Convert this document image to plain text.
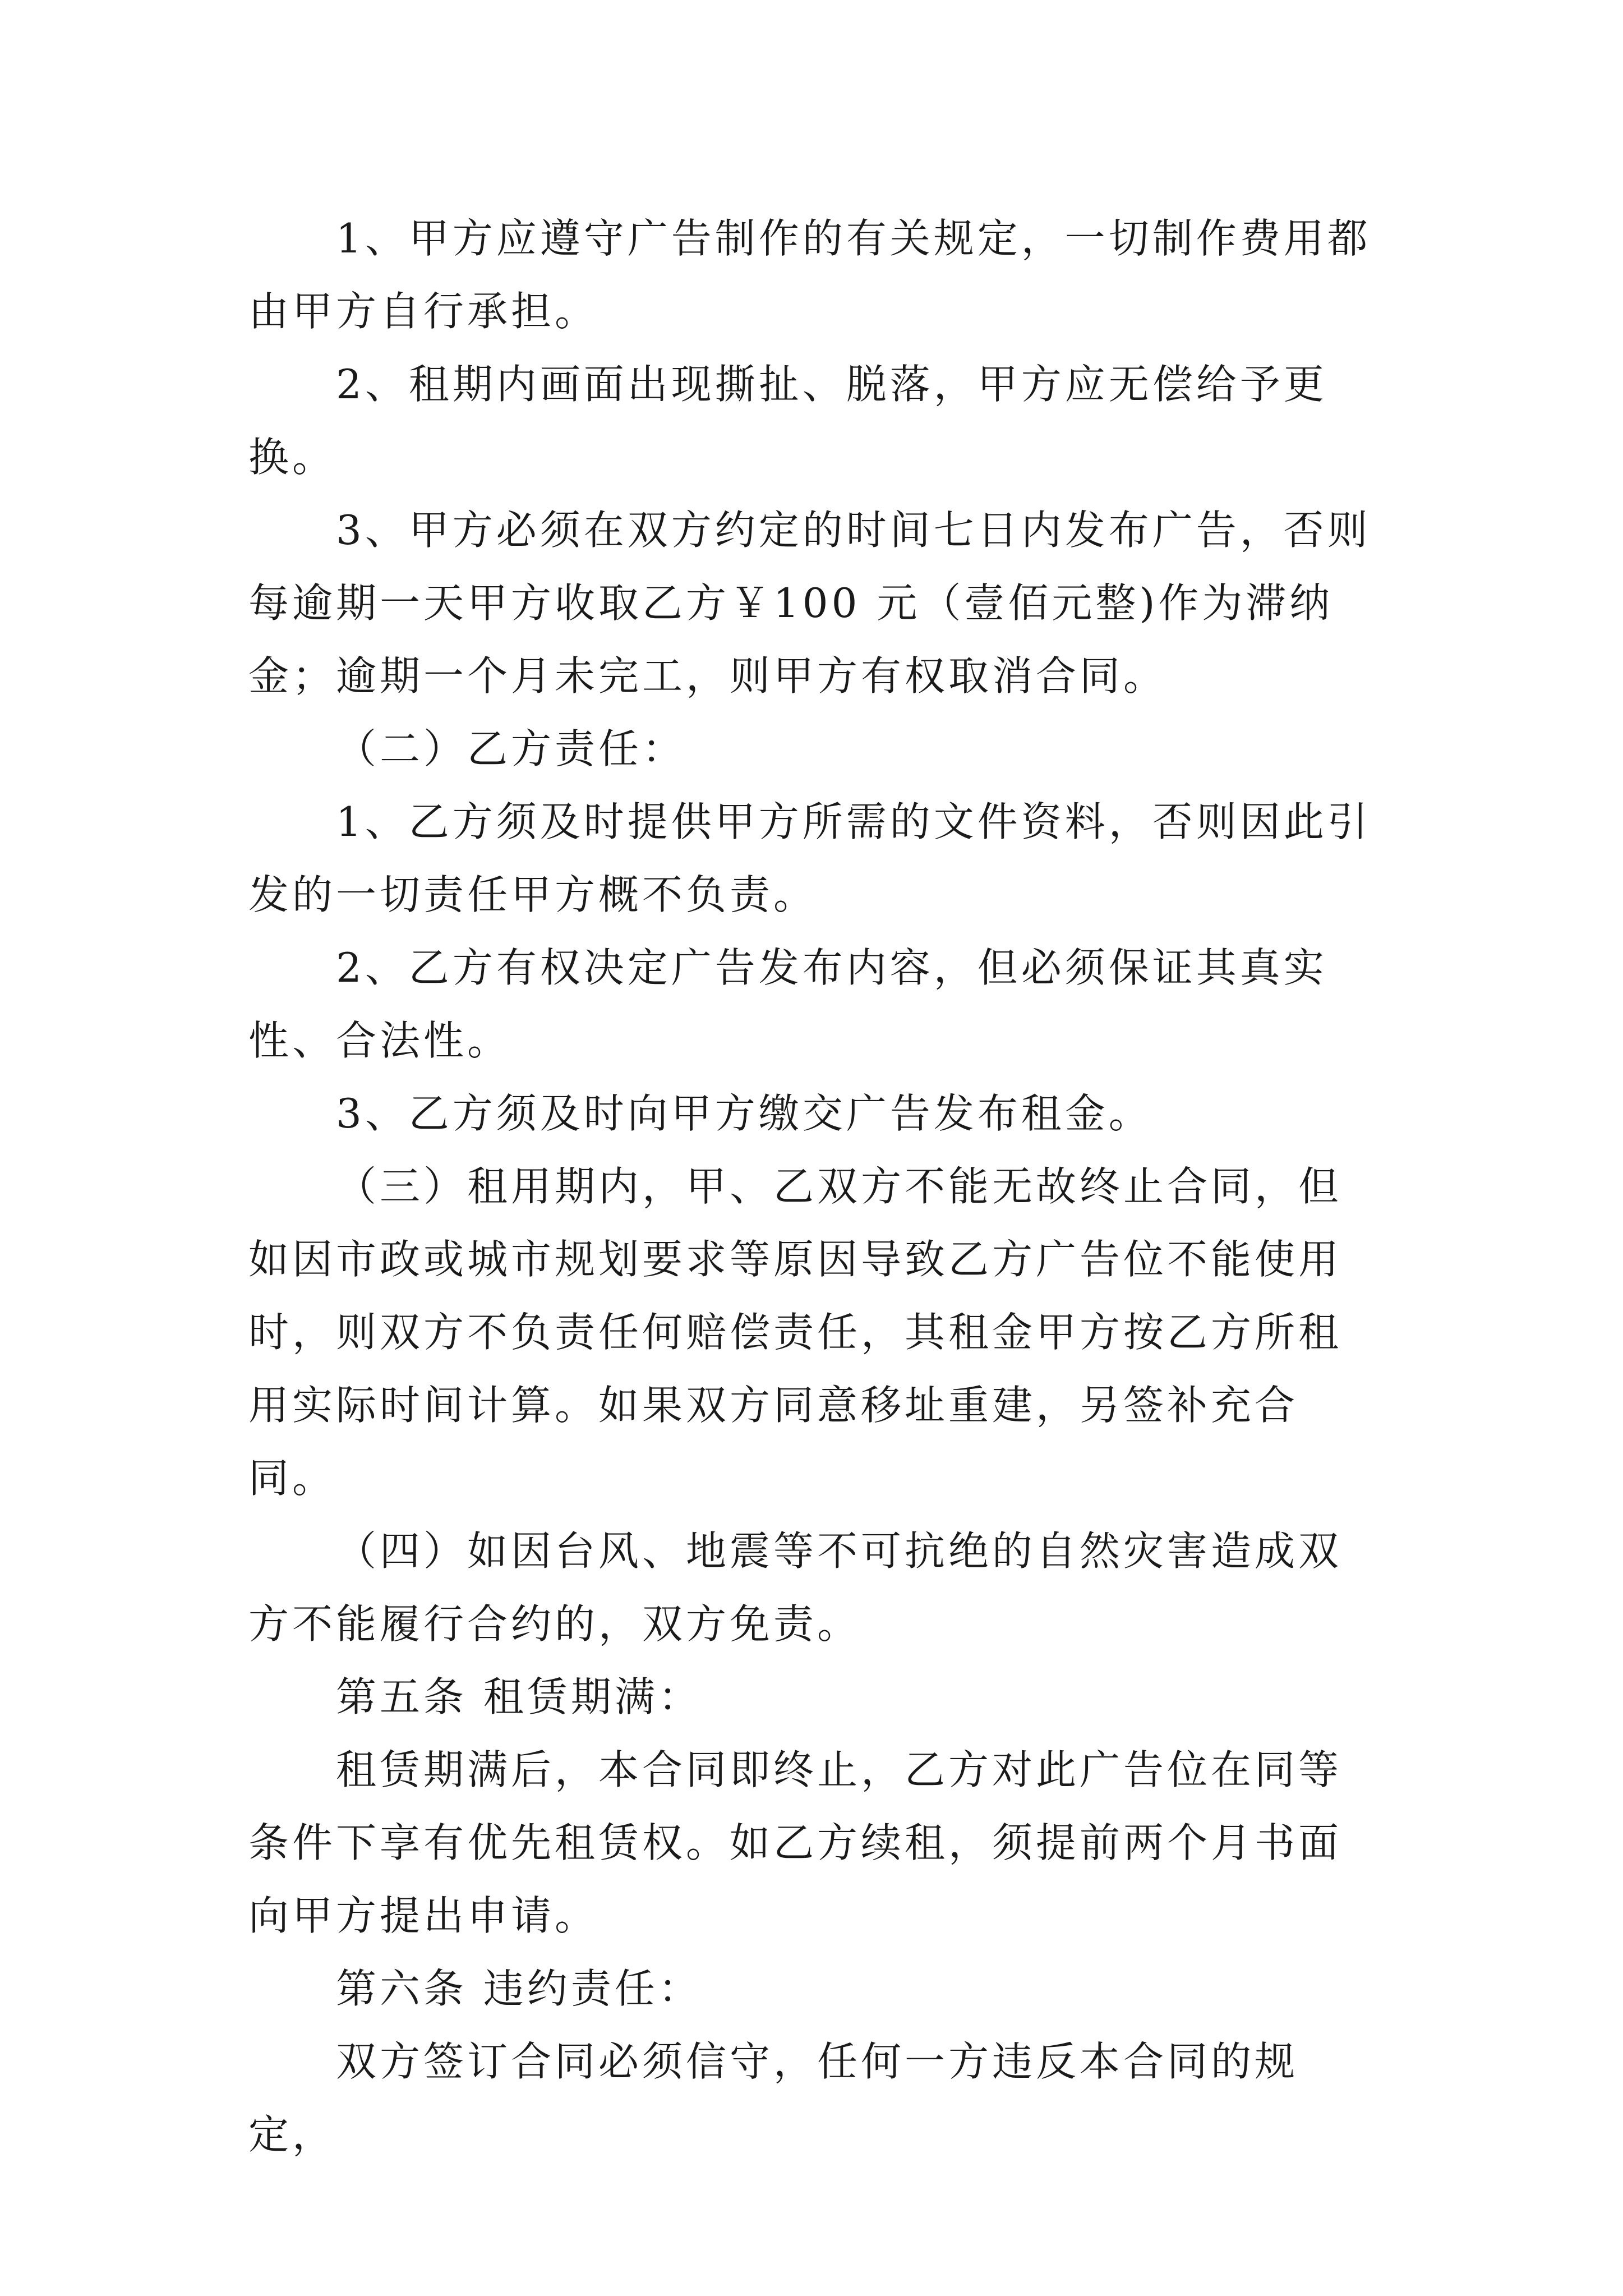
1、甲方应遵守广告制作的有关规定，一切制作费用都由甲方自行承担。

2、租期内画面出现撕扯、脱落，甲方应无偿给予更换。

3、甲方必须在双方约定的时间七日内发布广告，否则每逾期一天甲方收取乙方￥100 元（壹佰元整)作为滞纳金；逾期一个月未完工，则甲方有权取消合同。

（二）乙方责任：

1、乙方须及时提供甲方所需的文件资料，否则因此引发的一切责任甲方概不负责。

2、乙方有权决定广告发布内容，但必须保证其真实性、合法性。

3、乙方须及时向甲方缴交广告发布租金。

（三）租用期内，甲、乙双方不能无故终止合同，但如因市政或城市规划要求等原因导致乙方广告位不能使用时，则双方不负责任何赔偿责任，其租金甲方按乙方所租用实际时间计算。如果双方同意移址重建，另签补充合同。

（四）如因台风、地震等不可抗绝的自然灾害造成双方不能履行合约的，双方免责。

第五条 租赁期满：

租赁期满后，本合同即终止，乙方对此广告位在同等条件下享有优先租赁权。如乙方续租，须提前两个月书面向甲方提出申请。

第六条 违约责任：

双方签订合同必须信守，任何一方违反本合同的规定，
